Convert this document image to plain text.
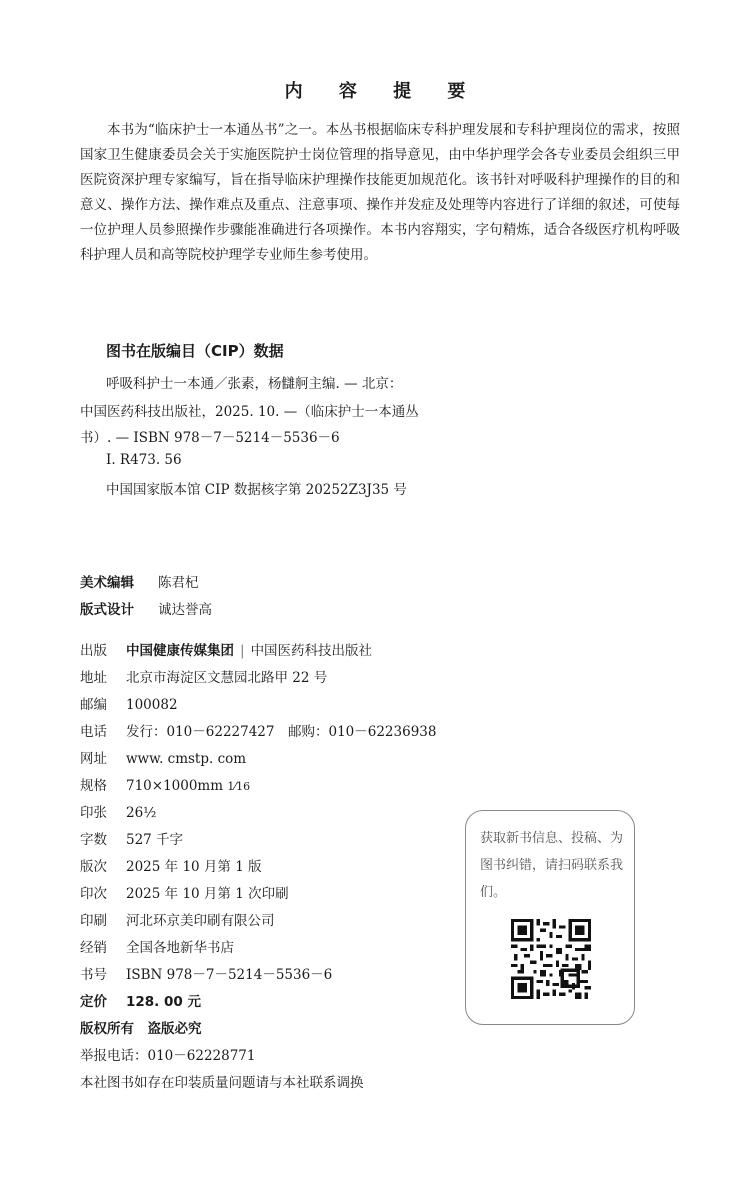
内 容 提 要

本书为“临床护士一本通丛书”之一。本丛书根据临床专科护理发展和专科护理岗位的需求，按照国家卫生健康委员会关于实施医院护士岗位管理的指导意见，由中华护理学会各专业委员会组织三甲医院资深护理专家编写，旨在指导临床护理操作技能更加规范化。该书针对呼吸科护理操作的目的和意义、操作方法、操作难点及重点、注意事项、操作并发症及处理等内容进行了详细的叙述，可使每一位护理人员参照操作步骤能准确进行各项操作。本书内容翔实，字句精炼，适合各级医疗机构呼吸科护理人员和高等院校护理学专业师生参考使用。

图书在版编目（CIP）数据
呼吸科护士一本通／张素，杨讎舸主编. — 北京：
中国医药科技出版社，2025. 10. —（临床护士一本通丛
书）. — ISBN 978－7－5214－5536－6
Ⅰ. R473. 56
中国国家版本馆 CIP 数据核字第 20252Z3J35 号
美术编辑 陈君杞
版式设计 诚达誉高
出版 中国健康传媒集团 | 中国医药科技出版社
地址 北京市海淀区文慧园北路甲 22 号
邮编 100082
电话 发行：010－62227427　邮购：010－62236938
网址 www. cmstp. com
规格 710×1000mm 1⁄16
印张 26½
字数 527 千字
版次 2025 年 10 月第 1 版
印次 2025 年 10 月第 1 次印刷
印刷 河北环京美印刷有限公司
经销 全国各地新华书店
书号 ISBN 978－7－5214－5536－6
定价 128. 00 元
版权所有　 盗版必究
举报电话：010－62228771
本社图书如存在印装质量问题请与本社联系调换
获取新书信息、投稿、为图书纠错，请扫码联系我们。
